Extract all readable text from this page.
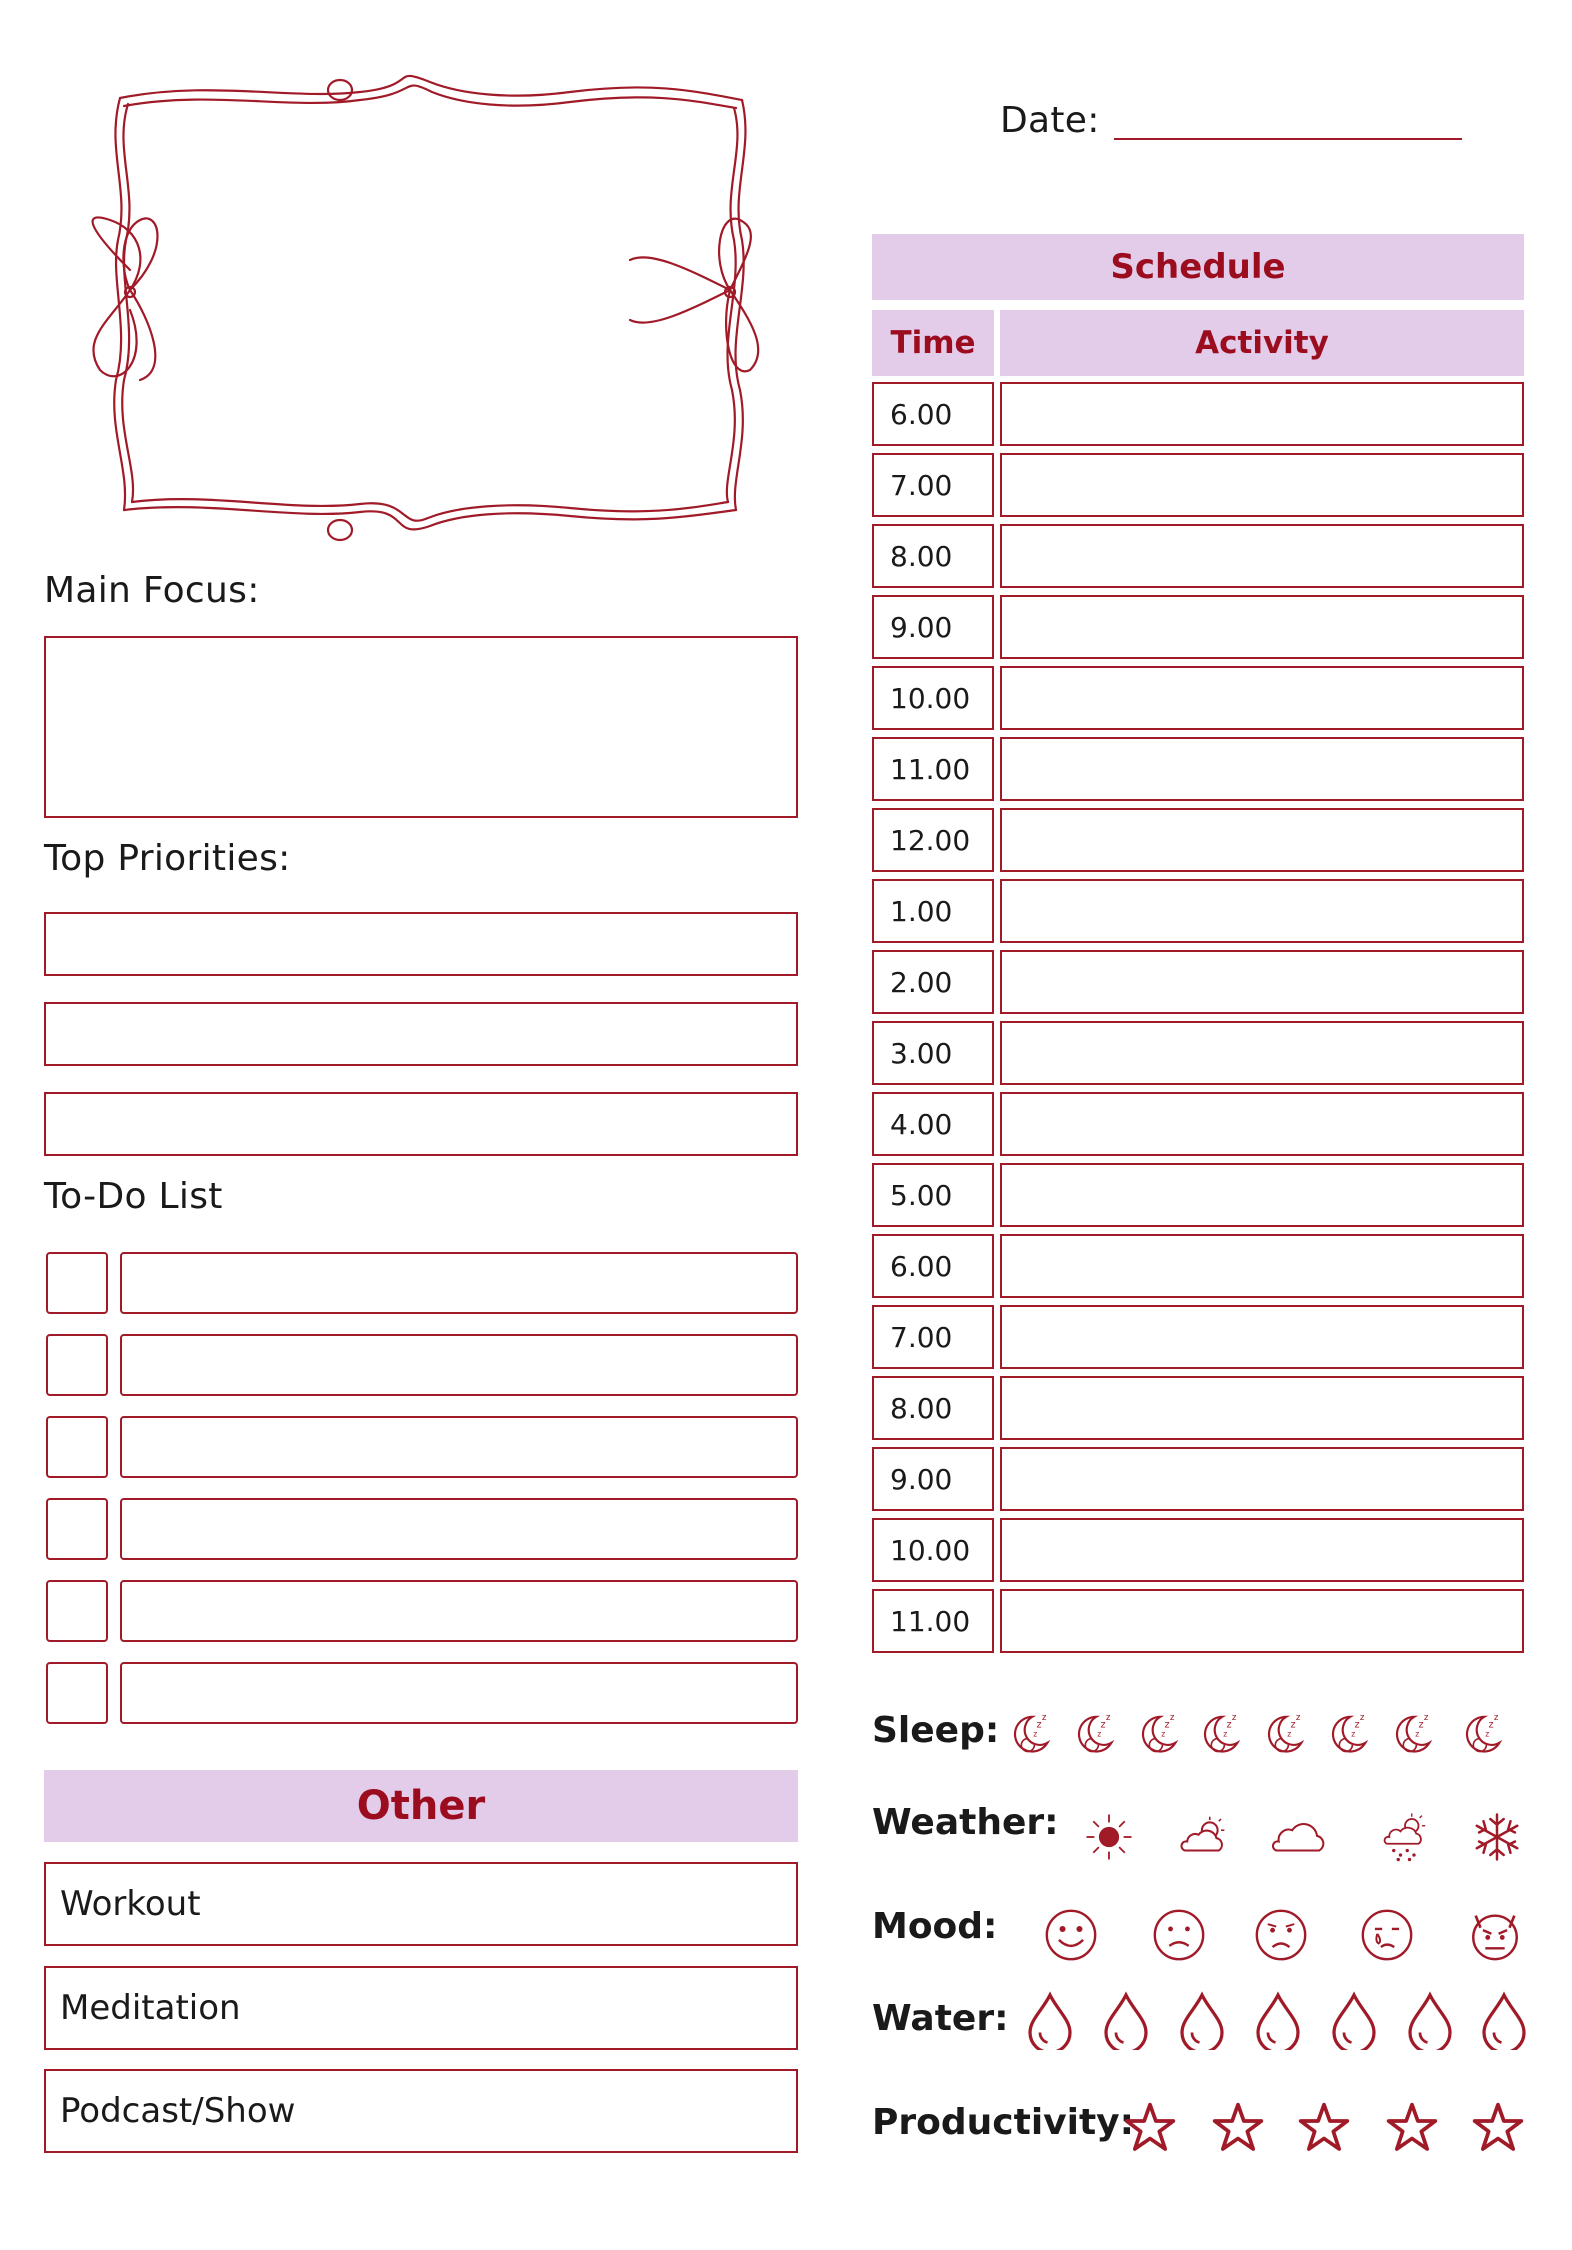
Date:
Main Focus:
Top Priorities:
To-Do List
Other
Workout
Meditation
Podcast/Show
Schedule
Time	Activity
6.00
7.00
8.00
9.00
10.00
11.00
12.00
1.00
2.00
3.00
4.00
5.00
6.00
7.00
8.00
9.00
10.00
11.00
Sleep:
Weather:
Mood:
Water:
Productivity:
z
z
z
z
z
z
z
z
z
z
z
z
z
z
z
z
z
z
z
z
z
z
z
z
